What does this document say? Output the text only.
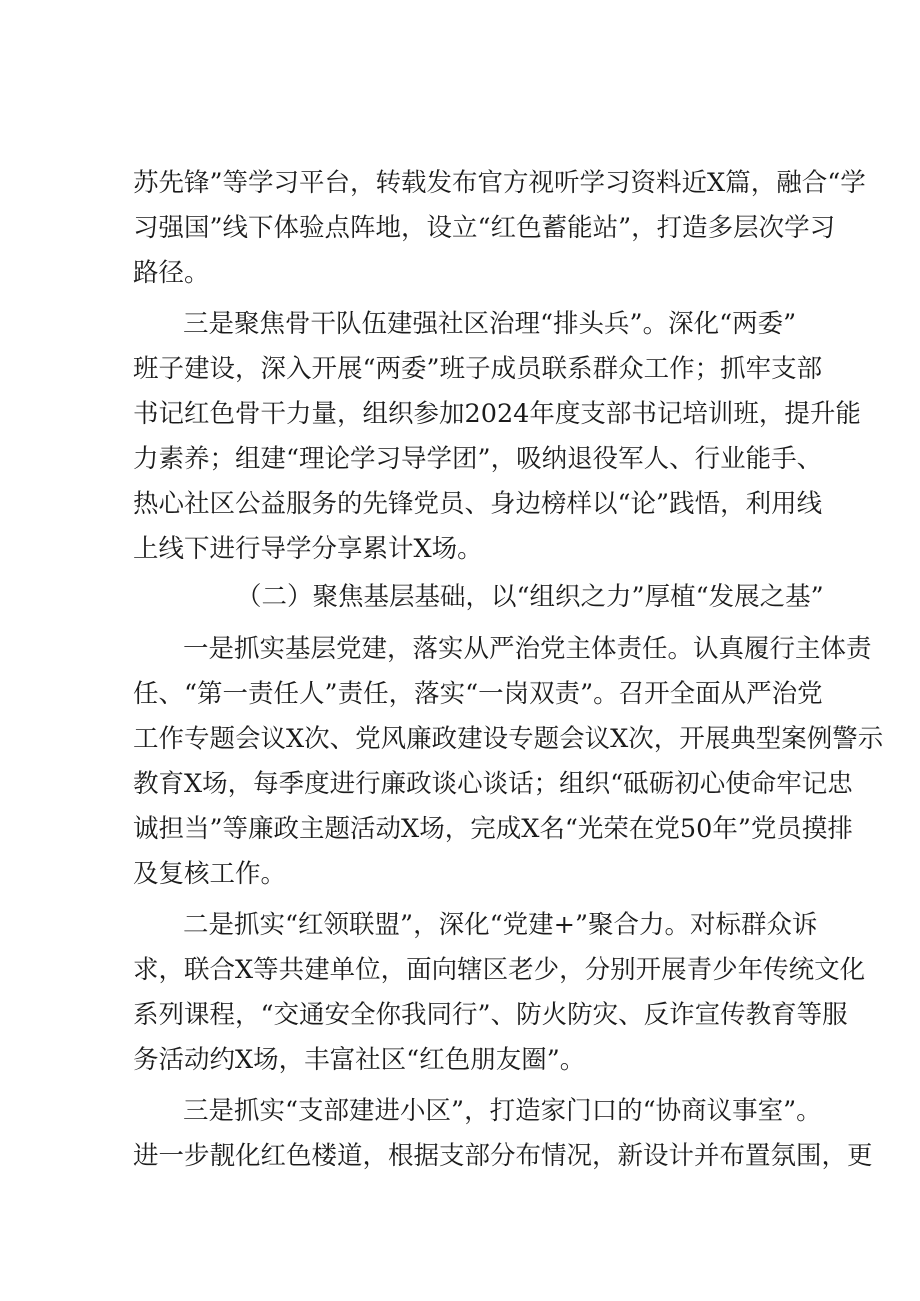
苏先锋”等学习平台，转载发布官方视听学习资料近X篇，融合“学

习强国”线下体验点阵地，设立“红色蓄能站”，打造多层次学习

路径。

三是聚焦骨干队伍建强社区治理“排头兵”。深化“两委”

班子建设，深入开展“两委”班子成员联系群众工作；抓牢支部

书记红色骨干力量，组织参加2024年度支部书记培训班，提升能

力素养；组建“理论学习导学团”，吸纳退役军人、行业能手、

热心社区公益服务的先锋党员、身边榜样以“论”践悟，利用线

上线下进行导学分享累计X场。

（二）聚焦基层基础，以“组织之力”厚植“发展之基”

一是抓实基层党建，落实从严治党主体责任。认真履行主体责

任、“第一责任人”责任，落实“一岗双责”。召开全面从严治党

工作专题会议X次、党风廉政建设专题会议X次，开展典型案例警示

教育X场，每季度进行廉政谈心谈话；组织“砥砺初心使命牢记忠

诚担当”等廉政主题活动X场，完成X名“光荣在党50年”党员摸排

及复核工作。

二是抓实“红领联盟”，深化“党建+”聚合力。对标群众诉

求，联合X等共建单位，面向辖区老少，分别开展青少年传统文化

系列课程，“交通安全你我同行”、防火防灾、反诈宣传教育等服

务活动约X场，丰富社区“红色朋友圈”。

三是抓实“支部建进小区”，打造家门口的“协商议事室”。

进一步靓化红色楼道，根据支部分布情况，新设计并布置氛围，更
